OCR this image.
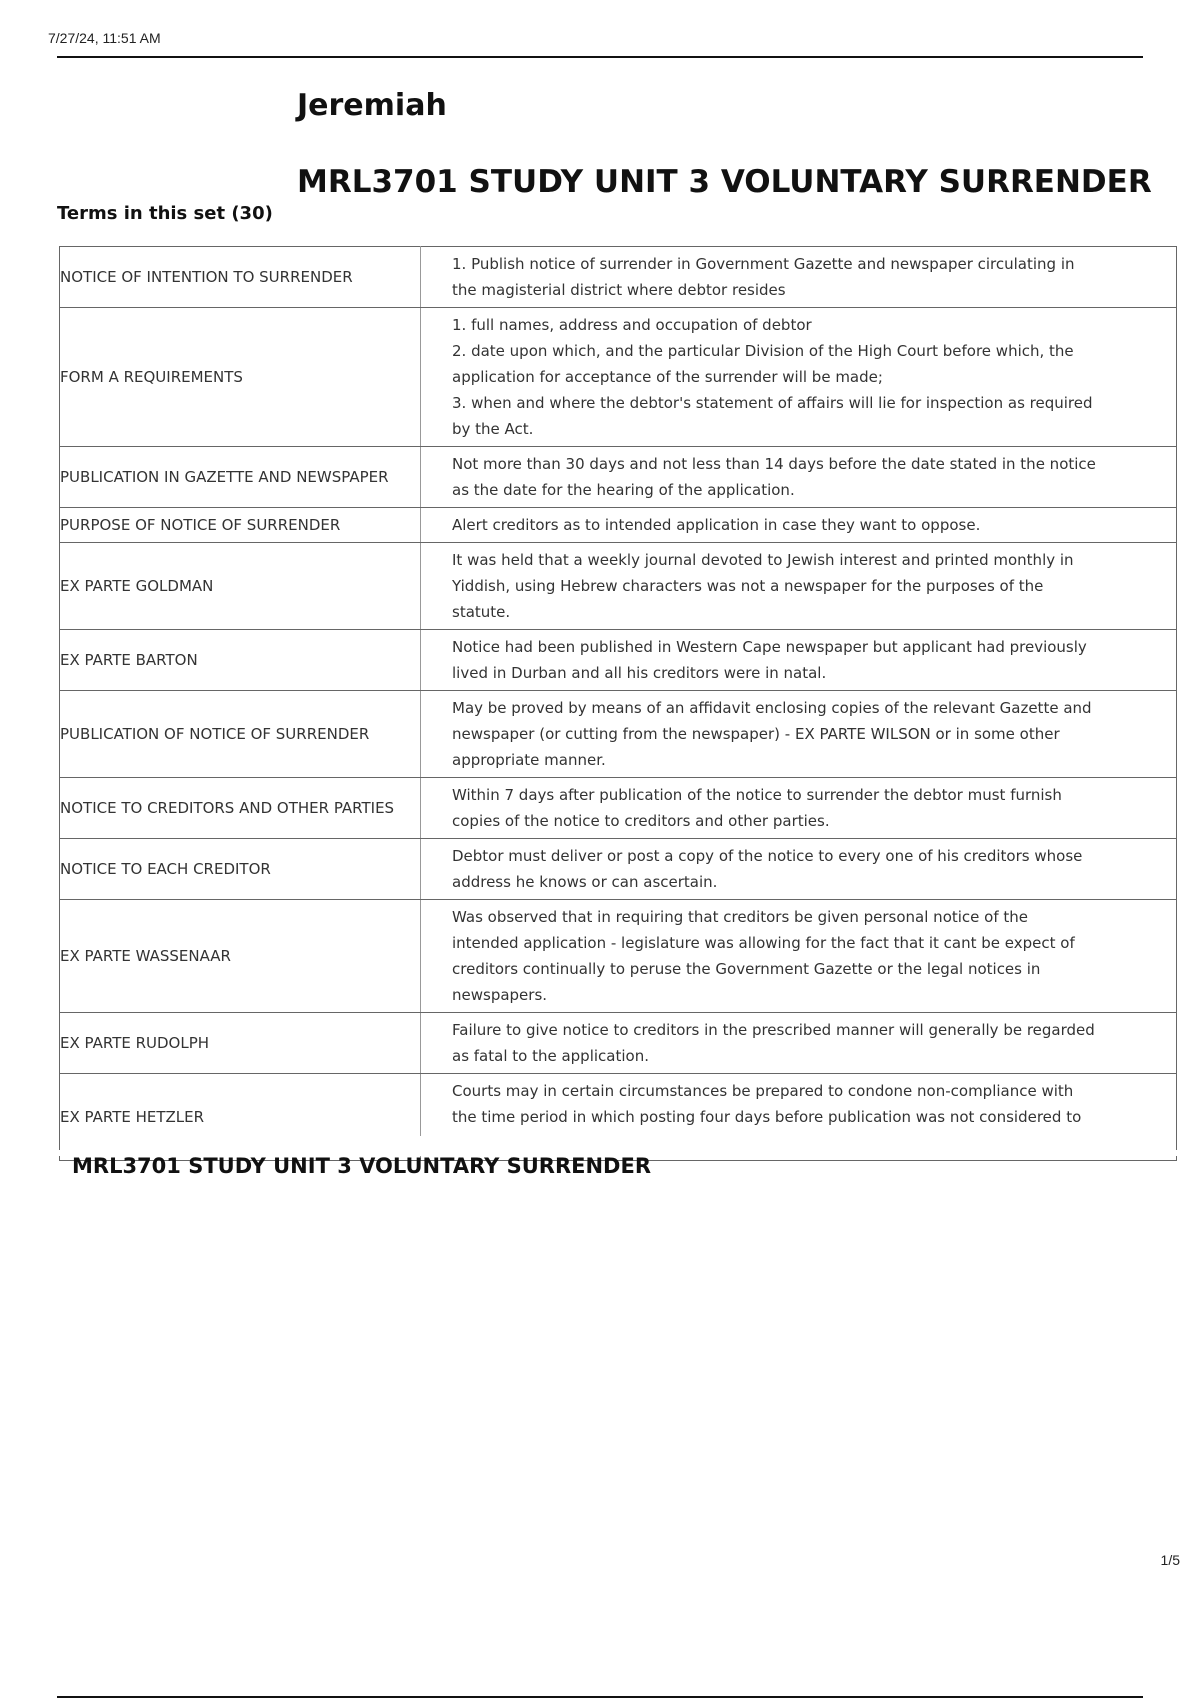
7/27/24, 11:51 AM
Jeremiah
MRL3701 STUDY UNIT 3 VOLUNTARY SURRENDER
Terms in this set (30)
NOTICE OF INTENTION TO SURRENDER	1. Publish notice of surrender in Government Gazette and newspaper circulating in the magisterial district where debtor resides

FORM A REQUIREMENTS	1. full names, address and occupation of debtor
2. date upon which, and the particular Division of the High Court before which, the application for acceptance of the surrender will be made;
3. when and where the debtor's statement of affairs will lie for inspection as required by the Act.

PUBLICATION IN GAZETTE AND NEWSPAPER	Not more than 30 days and not less than 14 days before the date stated in the notice as the date for the hearing of the application.

PURPOSE OF NOTICE OF SURRENDER	Alert creditors as to intended application in case they want to oppose.

EX PARTE GOLDMAN	It was held that a weekly journal devoted to Jewish interest and printed monthly in Yiddish, using Hebrew characters was not a newspaper for the purposes of the statute.

EX PARTE BARTON	Notice had been published in Western Cape newspaper but applicant had previously lived in Durban and all his creditors were in natal.

PUBLICATION OF NOTICE OF SURRENDER	May be proved by means of an affidavit enclosing copies of the relevant Gazette and newspaper (or cutting from the newspaper) - EX PARTE WILSON or in some other appropriate manner.

NOTICE TO CREDITORS AND OTHER PARTIES	Within 7 days after publication of the notice to surrender the debtor must furnish copies of the notice to creditors and other parties.

NOTICE TO EACH CREDITOR	Debtor must deliver or post a copy of the notice to every one of his creditors whose address he knows or can ascertain.

EX PARTE WASSENAAR	Was observed that in requiring that creditors be given personal notice of the intended application - legislature was allowing for the fact that it cant be expect of creditors continually to peruse the Government Gazette or the legal notices in newspapers.

EX PARTE RUDOLPH	Failure to give notice to creditors in the prescribed manner will generally be regarded as fatal to the application.

EX PARTE HETZLER	Courts may in certain circumstances be prepared to condone non-compliance with the time period in which posting four days before publication was not considered to
MRL3701 STUDY UNIT 3 VOLUNTARY SURRENDER
1/5
